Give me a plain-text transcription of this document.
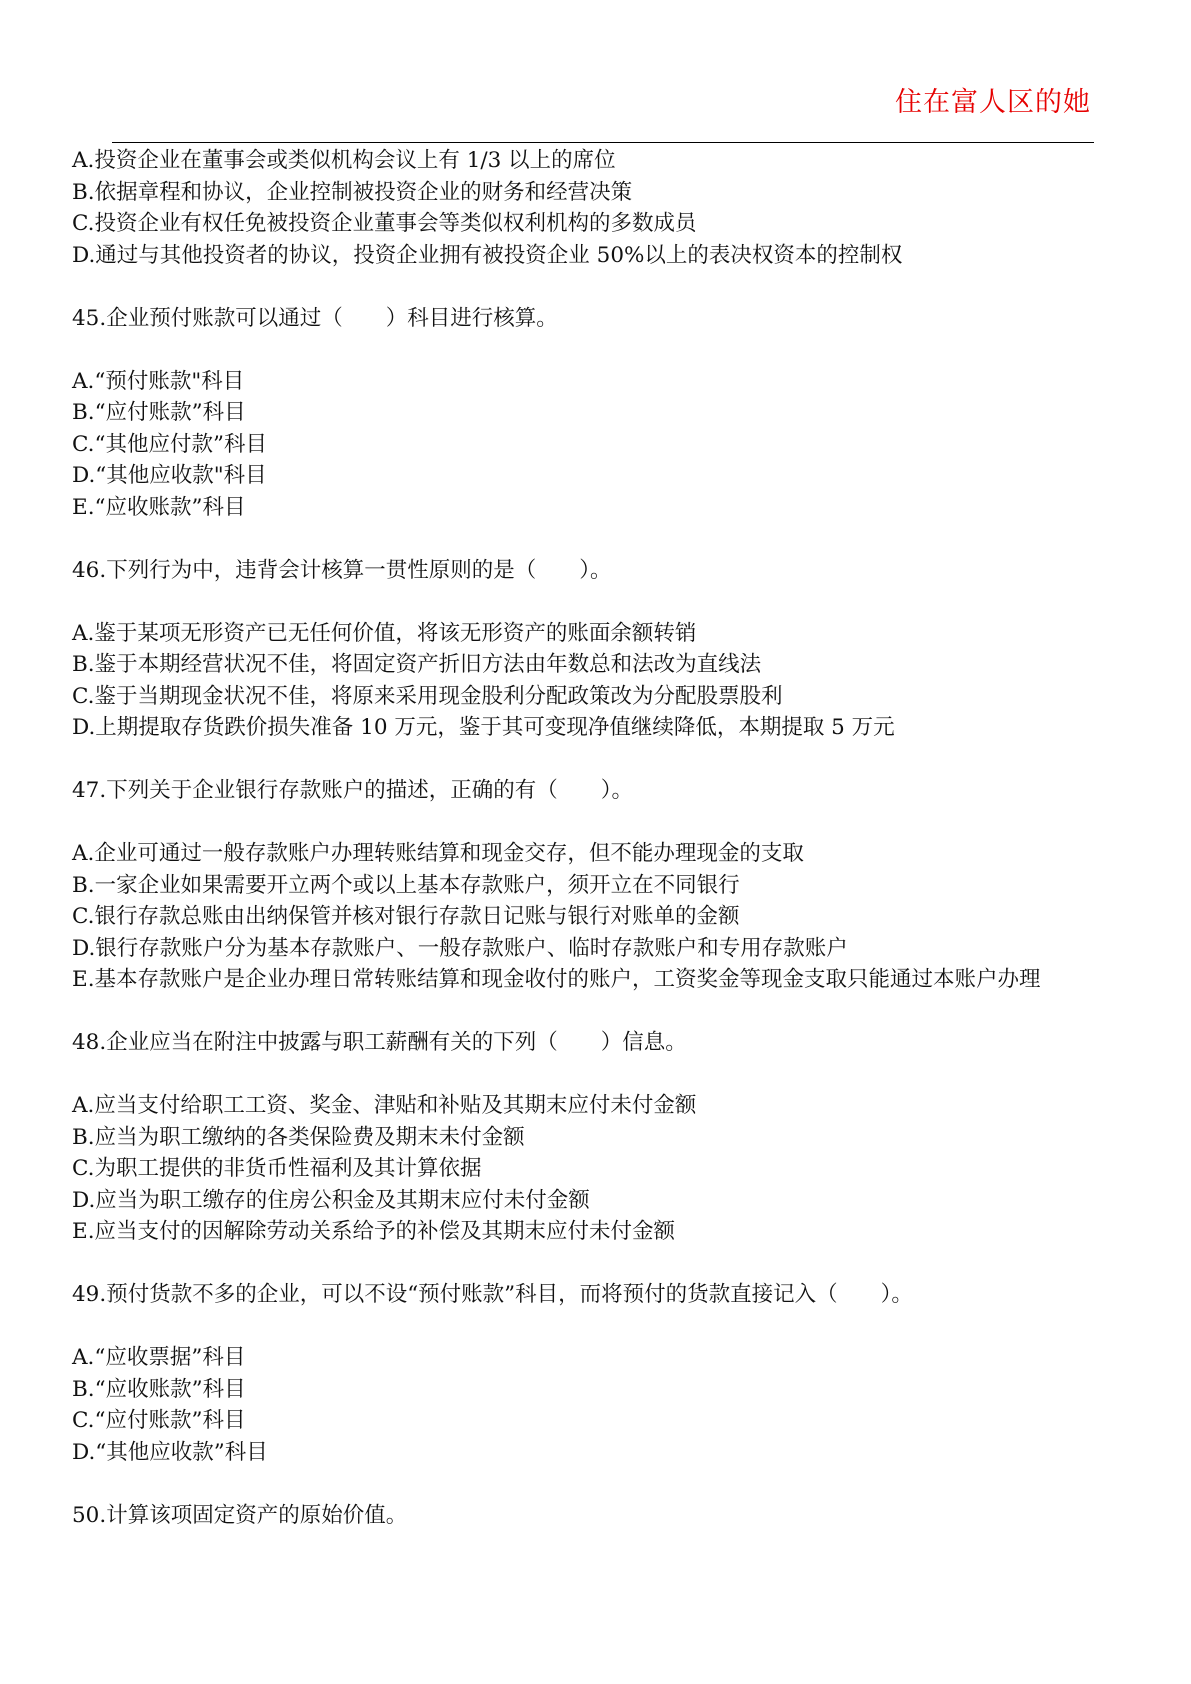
住在富人区的她

A.投资企业在董事会或类似机构会议上有 1/3 以上的席位

B.依据章程和协议，企业控制被投资企业的财务和经营决策

C.投资企业有权任免被投资企业董事会等类似权利机构的多数成员

D.通过与其他投资者的协议，投资企业拥有被投资企业 50%以上的表决权资本的控制权

45.企业预付账款可以通过（　　）科目进行核算。

A.“预付账款"科目

B.“应付账款”科目

C.“其他应付款”科目

D.“其他应收款"科目

E.“应收账款”科目

46.下列行为中，违背会计核算一贯性原则的是（　　）。

A.鉴于某项无形资产已无任何价值，将该无形资产的账面余额转销

B.鉴于本期经营状况不佳，将固定资产折旧方法由年数总和法改为直线法

C.鉴于当期现金状况不佳，将原来采用现金股利分配政策改为分配股票股利

D.上期提取存货跌价损失准备 10 万元，鉴于其可变现净值继续降低，本期提取 5 万元

47.下列关于企业银行存款账户的描述，正确的有（　　）。

A.企业可通过一般存款账户办理转账结算和现金交存，但不能办理现金的支取

B.一家企业如果需要开立两个或以上基本存款账户，须开立在不同银行

C.银行存款总账由出纳保管并核对银行存款日记账与银行对账单的金额

D.银行存款账户分为基本存款账户、一般存款账户、临时存款账户和专用存款账户

E.基本存款账户是企业办理日常转账结算和现金收付的账户，工资奖金等现金支取只能通过本账户办理

48.企业应当在附注中披露与职工薪酬有关的下列（　　）信息。

A.应当支付给职工工资、奖金、津贴和补贴及其期末应付未付金额

B.应当为职工缴纳的各类保险费及期末未付金额

C.为职工提供的非货币性福利及其计算依据

D.应当为职工缴存的住房公积金及其期末应付未付金额

E.应当支付的因解除劳动关系给予的补偿及其期末应付未付金额

49.预付货款不多的企业，可以不设“预付账款”科目，而将预付的货款直接记入（　　）。

A.“应收票据”科目

B.“应收账款”科目

C.“应付账款”科目

D.“其他应收款”科目

50.计算该项固定资产的原始价值。
